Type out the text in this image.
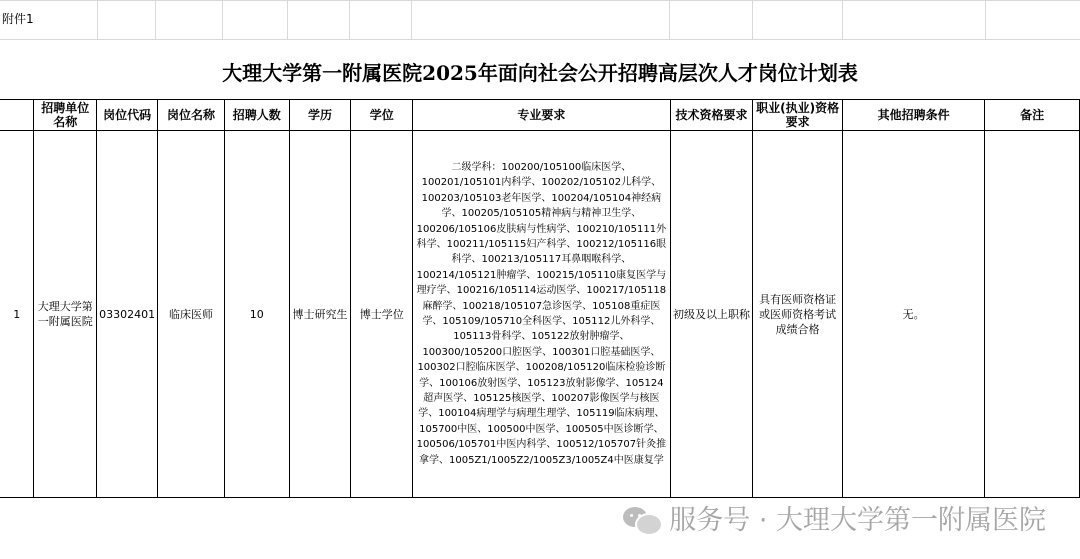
附件1
大理大学第一附属医院2025年面向社会公开招聘高层次人才岗位计划表
	招聘单位名称	岗位代码	岗位名称	招聘人数	学历	学位	专业要求	技术资格要求	职业(执业)资格要求	其他招聘条件	备注
1	大理大学第一附属医院	03302401	临床医师	10	博士研究生	博士学位	二级学科：100200/105100临床医学、100201/105101内科学、100202/105102儿科学、100203/105103老年医学、100204/105104神经病学、100205/105105精神病与精神卫生学、100206/105106皮肤病与性病学、100210/105111外科学、100211/105115妇产科学、100212/105116眼科学、100213/105117耳鼻咽喉科学、100214/105121肿瘤学、100215/105110康复医学与理疗学、100216/105114运动医学、100217/105118麻醉学、100218/105107急诊医学、105108重症医学、105109/105710全科医学、105112儿外科学、105113骨科学、105122放射肿瘤学、100300/105200口腔医学、100301口腔基础医学、100302口腔临床医学、100208/105120临床检验诊断学、100106放射医学、105123放射影像学、105124超声医学、105125核医学、100207影像医学与核医学、100104病理学与病理生理学、105119临床病理、105700中医、100500中医学、100505中医诊断学、100506/105701中医内科学、100512/105707针灸推拿学、1005Z1/1005Z2/1005Z3/1005Z4中医康复学	初级及以上职称	具有医师资格证或医师资格考试成绩合格	无。	
服务号 · 大理大学第一附属医院
